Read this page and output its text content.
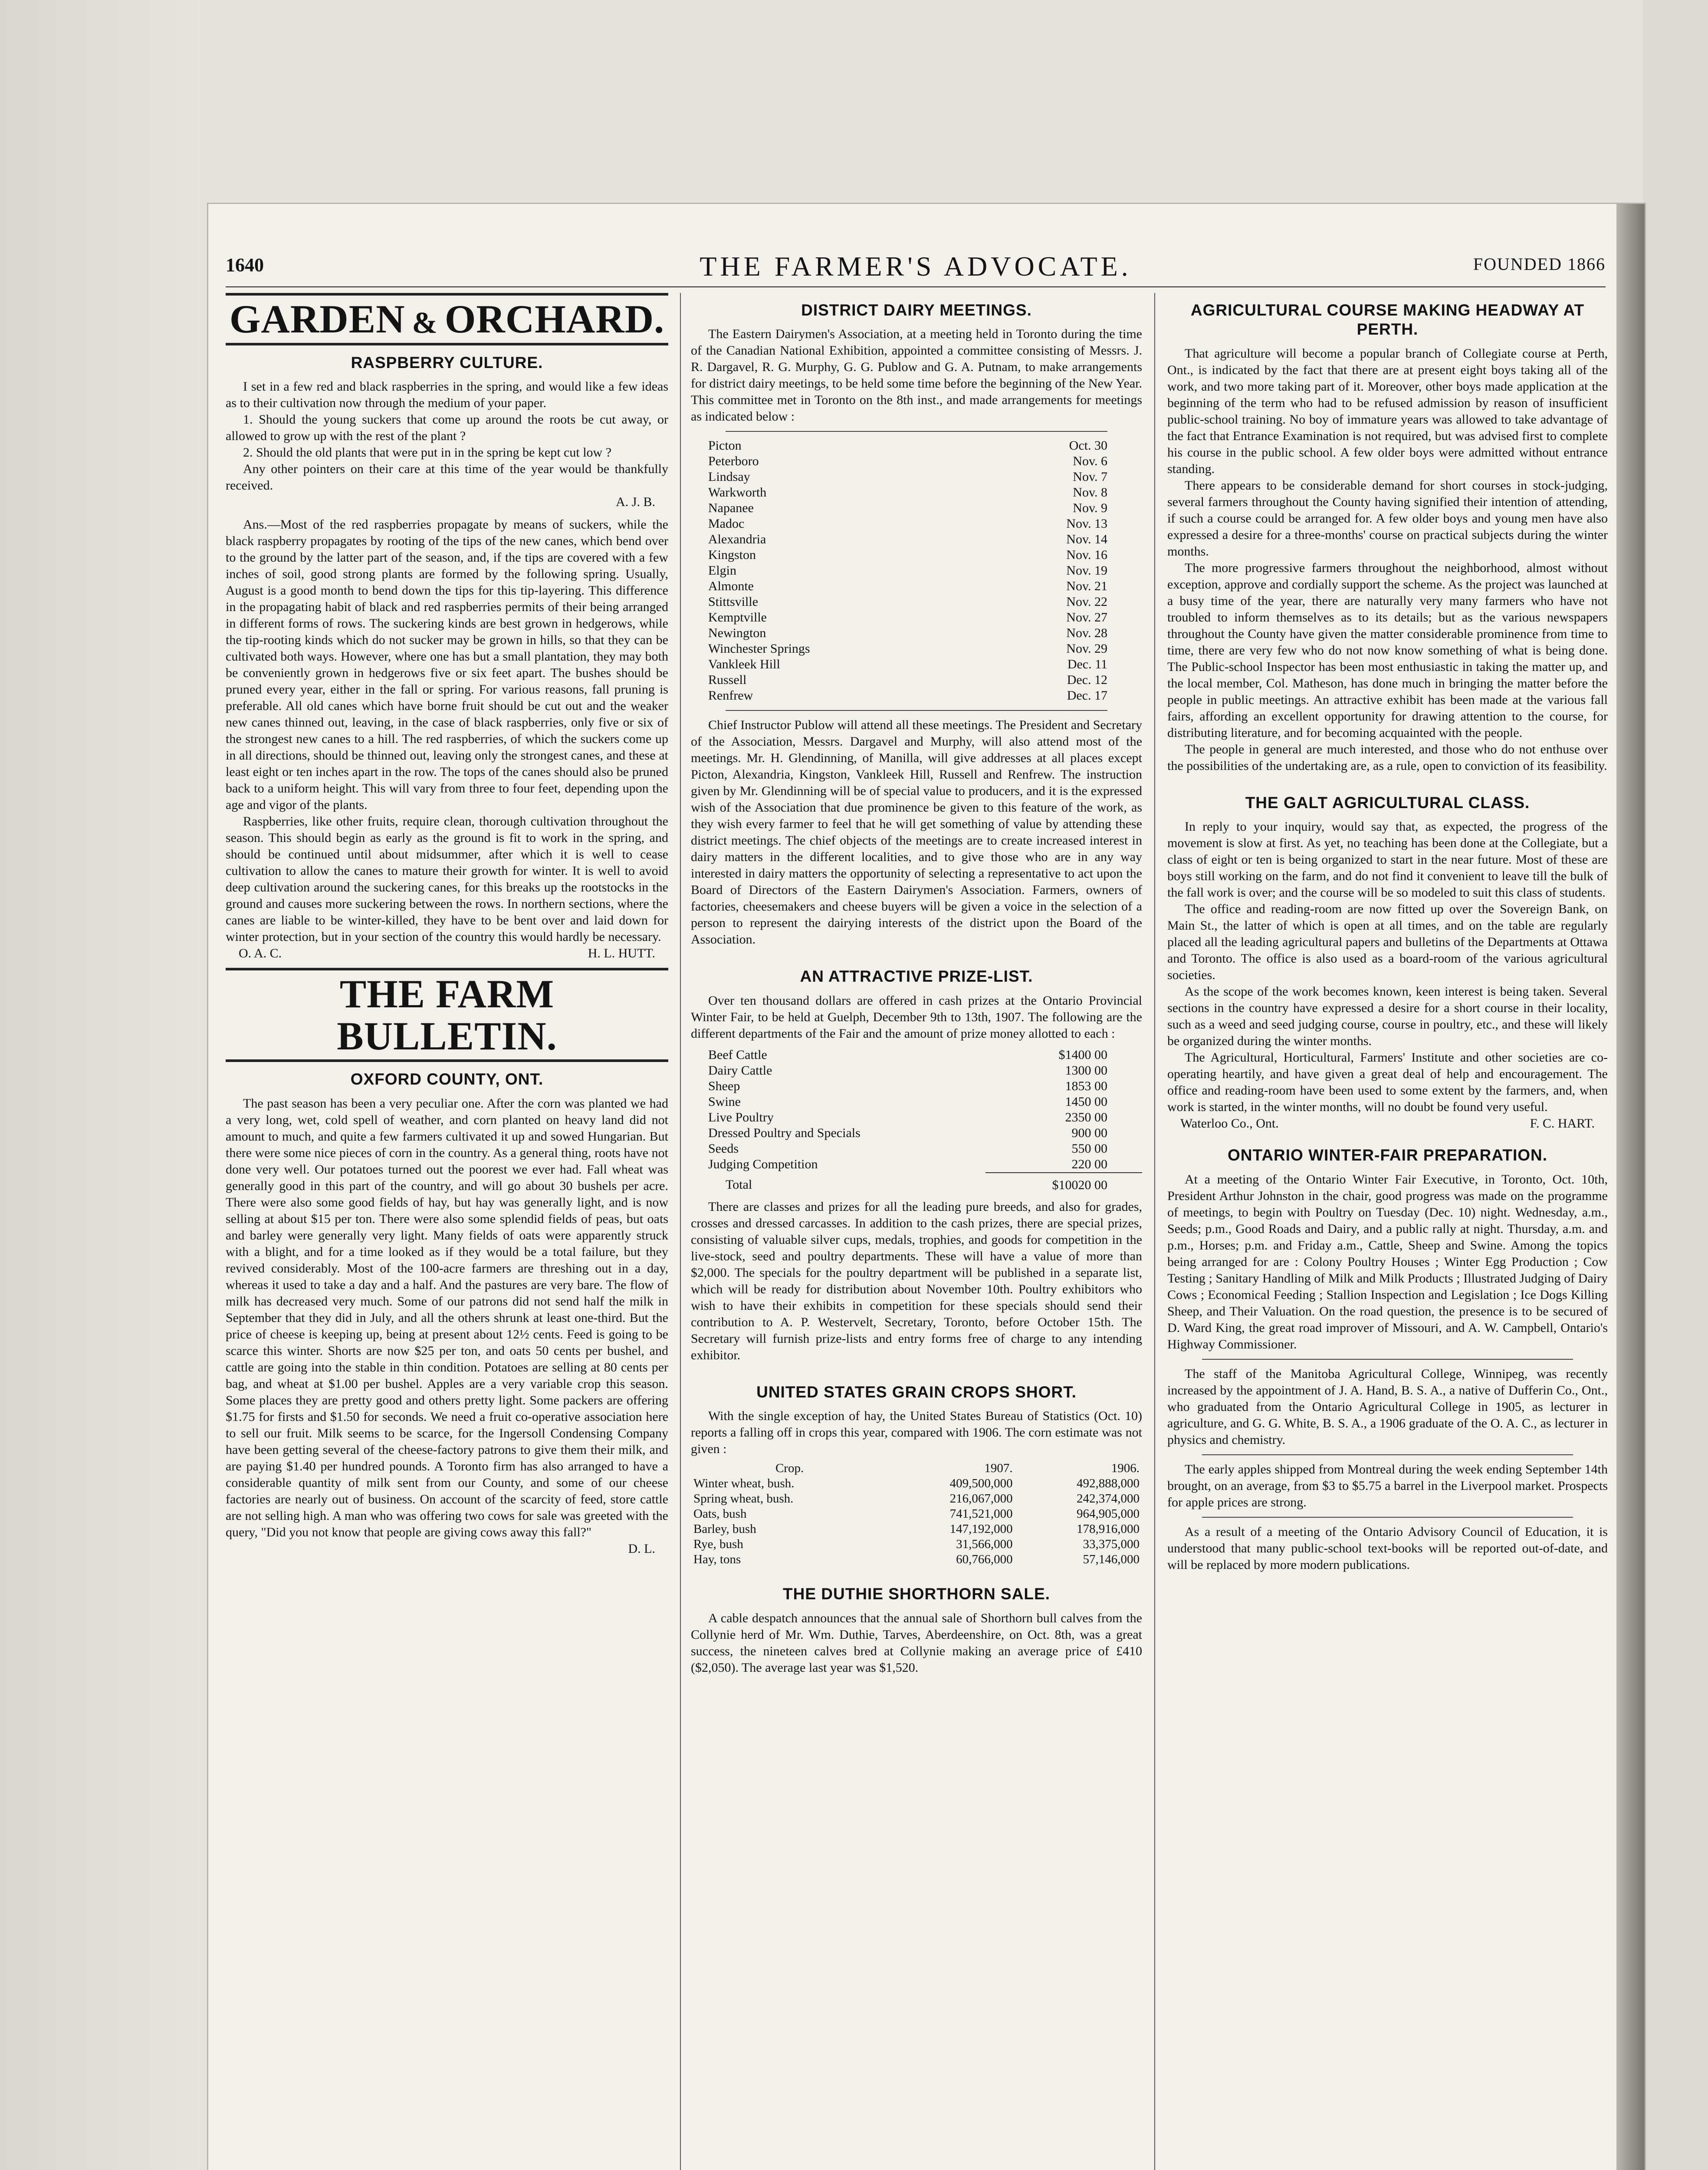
1640	THE FARMER'S ADVOCATE.	FOUNDED 1866
GARDEN & ORCHARD.
RASPBERRY CULTURE.

I set in a few red and black raspberries in the spring, and would like a few ideas as to their cultivation now through the medium of your paper.

1. Should the young suckers that come up around the roots be cut away, or allowed to grow up with the rest of the plant ?

2. Should the old plants that were put in in the spring be kept cut low ?

Any other pointers on their care at this time of the year would be thankfully received.

A. J. B.

Ans.—Most of the red raspberries propagate by means of suckers, while the black raspberry propagates by rooting of the tips of the new canes, which bend over to the ground by the latter part of the season, and, if the tips are covered with a few inches of soil, good strong plants are formed by the following spring. Usually, August is a good month to bend down the tips for this tip-layering. This difference in the propagating habit of black and red raspberries permits of their being arranged in different forms of rows. The suckering kinds are best grown in hedgerows, while the tip-rooting kinds which do not sucker may be grown in hills, so that they can be cultivated both ways. However, where one has but a small plantation, they may both be conveniently grown in hedgerows five or six feet apart. The bushes should be pruned every year, either in the fall or spring. For various reasons, fall pruning is preferable. All old canes which have borne fruit should be cut out and the weaker new canes thinned out, leaving, in the case of black raspberries, only five or six of the strongest new canes to a hill. The red raspberries, of which the suckers come up in all directions, should be thinned out, leaving only the strongest canes, and these at least eight or ten inches apart in the row. The tops of the canes should also be pruned back to a uniform height. This will vary from three to four feet, depending upon the age and vigor of the plants.

Raspberries, like other fruits, require clean, thorough cultivation throughout the season. This should begin as early as the ground is fit to work in the spring, and should be continued until about midsummer, after which it is well to cease cultivation to allow the canes to mature their growth for winter. It is well to avoid deep cultivation around the suckering canes, for this breaks up the rootstocks in the ground and causes more suckering between the rows. In northern sections, where the canes are liable to be winter-killed, they have to be bent over and laid down for winter protection, but in your section of the country this would hardly be necessary.

O. A. C.	H. L. HUTT.
THE FARM BULLETIN.
OXFORD COUNTY, ONT.

The past season has been a very peculiar one. After the corn was planted we had a very long, wet, cold spell of weather, and corn planted on heavy land did not amount to much, and quite a few farmers cultivated it up and sowed Hungarian. But there were some nice pieces of corn in the country. As a general thing, roots have not done very well. Our potatoes turned out the poorest we ever had. Fall wheat was generally good in this part of the country, and will go about 30 bushels per acre. There were also some good fields of hay, but hay was generally light, and is now selling at about $15 per ton. There were also some splendid fields of peas, but oats and barley were generally very light. Many fields of oats were apparently struck with a blight, and for a time looked as if they would be a total failure, but they revived considerably. Most of the 100-acre farmers are threshing out in a day, whereas it used to take a day and a half. And the pastures are very bare. The flow of milk has decreased very much. Some of our patrons did not send half the milk in September that they did in July, and all the others shrunk at least one-third. But the price of cheese is keeping up, being at present about 12½ cents. Feed is going to be scarce this winter. Shorts are now $25 per ton, and oats 50 cents per bushel, and cattle are going into the stable in thin condition. Potatoes are selling at 80 cents per bag, and wheat at $1.00 per bushel. Apples are a very variable crop this season. Some places they are pretty good and others pretty light. Some packers are offering $1.75 for firsts and $1.50 for seconds. We need a fruit co-operative association here to sell our fruit. Milk seems to be scarce, for the Ingersoll Condensing Company have been getting several of the cheese-factory patrons to give them their milk, and are paying $1.40 per hundred pounds. A Toronto firm has also arranged to have a considerable quantity of milk sent from our County, and some of our cheese factories are nearly out of business. On account of the scarcity of feed, store cattle are not selling high. A man who was offering two cows for sale was greeted with the query, "Did you not know that people are giving cows away this fall?"

D. L.
DISTRICT DAIRY MEETINGS.

The Eastern Dairymen's Association, at a meeting held in Toronto during the time of the Canadian National Exhibition, appointed a committee consisting of Messrs. J. R. Dargavel, R. G. Murphy, G. G. Publow and G. A. Putnam, to make arrangements for district dairy meetings, to be held some time before the beginning of the New Year. This committee met in Toronto on the 8th inst., and made arrangements for meetings as indicated below :

Picton		Oct. 30
Peterboro		Nov. 6
Lindsay		Nov. 7
Warkworth		Nov. 8
Napanee		Nov. 9
Madoc		Nov. 13
Alexandria		Nov. 14
Kingston		Nov. 16
Elgin		Nov. 19
Almonte		Nov. 21
Stittsville		Nov. 22
Kemptville		Nov. 27
Newington		Nov. 28
Winchester Springs		Nov. 29
Vankleek Hill		Dec. 11
Russell		Dec. 12
Renfrew		Dec. 17

Chief Instructor Publow will attend all these meetings. The President and Secretary of the Association, Messrs. Dargavel and Murphy, will also attend most of the meetings. Mr. H. Glendinning, of Manilla, will give addresses at all places except Picton, Alexandria, Kingston, Vankleek Hill, Russell and Renfrew. The instruction given by Mr. Glendinning will be of special value to producers, and it is the expressed wish of the Association that due prominence be given to this feature of the work, as they wish every farmer to feel that he will get something of value by attending these district meetings. The chief objects of the meetings are to create increased interest in dairy matters in the different localities, and to give those who are in any way interested in dairy matters the opportunity of selecting a representative to act upon the Board of Directors of the Eastern Dairymen's Association. Farmers, owners of factories, cheesemakers and cheese buyers will be given a voice in the selection of a person to represent the dairying interests of the district upon the Board of the Association.

AN ATTRACTIVE PRIZE-LIST.

Over ten thousand dollars are offered in cash prizes at the Ontario Provincial Winter Fair, to be held at Guelph, December 9th to 13th, 1907. The following are the different departments of the Fair and the amount of prize money allotted to each :

Beef Cattle		$1400 00
Dairy Cattle		1300 00
Sheep		1853 00
Swine		1450 00
Live Poultry		2350 00
Dressed Poultry and Specials		900 00
Seeds		550 00
Judging Competition		220 00
Total		$10020 00

There are classes and prizes for all the leading pure breeds, and also for grades, crosses and dressed carcasses. In addition to the cash prizes, there are special prizes, consisting of valuable silver cups, medals, trophies, and goods for competition in the live-stock, seed and poultry departments. These will have a value of more than $2,000. The specials for the poultry department will be published in a separate list, which will be ready for distribution about November 10th. Poultry exhibitors who wish to have their exhibits in competition for these specials should send their contribution to A. P. Westervelt, Secretary, Toronto, before October 15th. The Secretary will furnish prize-lists and entry forms free of charge to any intending exhibitor.

UNITED STATES GRAIN CROPS SHORT.

With the single exception of hay, the United States Bureau of Statistics (Oct. 10) reports a falling off in crops this year, compared with 1906. The corn estimate was not given :

Crop.	1907.	1906.
Winter wheat, bush.	409,500,000	492,888,000
Spring wheat, bush.	216,067,000	242,374,000
Oats, bush	741,521,000	964,905,000
Barley, bush	147,192,000	178,916,000
Rye, bush	31,566,000	33,375,000
Hay, tons	60,766,000	57,146,000
THE DUTHIE SHORTHORN SALE.

A cable despatch announces that the annual sale of Shorthorn bull calves from the Collynie herd of Mr. Wm. Duthie, Tarves, Aberdeenshire, on Oct. 8th, was a great success, the nineteen calves bred at Collynie making an average price of £410 ($2,050). The average last year was $1,520.

AGRICULTURAL COURSE MAKING HEADWAY AT PERTH.

That agriculture will become a popular branch of Collegiate course at Perth, Ont., is indicated by the fact that there are at present eight boys taking all of the work, and two more taking part of it. Moreover, other boys made application at the beginning of the term who had to be refused admission by reason of insufficient public-school training. No boy of immature years was allowed to take advantage of the fact that Entrance Examination is not required, but was advised first to complete his course in the public school. A few older boys were admitted without entrance standing.

There appears to be considerable demand for short courses in stock-judging, several farmers throughout the County having signified their intention of attending, if such a course could be arranged for. A few older boys and young men have also expressed a desire for a three-months' course on practical subjects during the winter months.

The more progressive farmers throughout the neighborhood, almost without exception, approve and cordially support the scheme. As the project was launched at a busy time of the year, there are naturally very many farmers who have not troubled to inform themselves as to its details; but as the various newspapers throughout the County have given the matter considerable prominence from time to time, there are very few who do not now know something of what is being done. The Public-school Inspector has been most enthusiastic in taking the matter up, and the local member, Col. Matheson, has done much in bringing the matter before the people in public meetings. An attractive exhibit has been made at the various fall fairs, affording an excellent opportunity for drawing attention to the course, for distributing literature, and for becoming acquainted with the people.

The people in general are much interested, and those who do not enthuse over the possibilities of the undertaking are, as a rule, open to conviction of its feasibility.

THE GALT AGRICULTURAL CLASS.

In reply to your inquiry, would say that, as expected, the progress of the movement is slow at first. As yet, no teaching has been done at the Collegiate, but a class of eight or ten is being organized to start in the near future. Most of these are boys still working on the farm, and do not find it convenient to leave till the bulk of the fall work is over; and the course will be so modeled to suit this class of students.

The office and reading-room are now fitted up over the Sovereign Bank, on Main St., the latter of which is open at all times, and on the table are regularly placed all the leading agricultural papers and bulletins of the Departments at Ottawa and Toronto. The office is also used as a board-room of the various agricultural societies.

As the scope of the work becomes known, keen interest is being taken. Several sections in the country have expressed a desire for a short course in their locality, such as a weed and seed judging course, course in poultry, etc., and these will likely be organized during the winter months.

The Agricultural, Horticultural, Farmers' Institute and other societies are co-operating heartily, and have given a great deal of help and encouragement. The office and reading-room have been used to some extent by the farmers, and, when work is started, in the winter months, will no doubt be found very useful.

Waterloo Co., Ont.	F. C. HART.
ONTARIO WINTER-FAIR PREPARATION.

At a meeting of the Ontario Winter Fair Executive, in Toronto, Oct. 10th, President Arthur Johnston in the chair, good progress was made on the programme of meetings, to begin with Poultry on Tuesday (Dec. 10) night. Wednesday, a.m., Seeds; p.m., Good Roads and Dairy, and a public rally at night. Thursday, a.m. and p.m., Horses; p.m. and Friday a.m., Cattle, Sheep and Swine. Among the topics being arranged for are : Colony Poultry Houses ; Winter Egg Production ; Cow Testing ; Sanitary Handling of Milk and Milk Products ; Illustrated Judging of Dairy Cows ; Economical Feeding ; Stallion Inspection and Legislation ; Ice Dogs Killing Sheep, and Their Valuation. On the road question, the presence is to be secured of D. Ward King, the great road improver of Missouri, and A. W. Campbell, Ontario's Highway Commissioner.

The staff of the Manitoba Agricultural College, Winnipeg, was recently increased by the appointment of J. A. Hand, B. S. A., a native of Dufferin Co., Ont., who graduated from the Ontario Agricultural College in 1905, as lecturer in agriculture, and G. G. White, B. S. A., a 1906 graduate of the O. A. C., as lecturer in physics and chemistry.

The early apples shipped from Montreal during the week ending September 14th brought, on an average, from $3 to $5.75 a barrel in the Liverpool market. Prospects for apple prices are strong.

As a result of a meeting of the Ontario Advisory Council of Education, it is understood that many public-school text-books will be reported out-of-date, and will be replaced by more modern publications.
